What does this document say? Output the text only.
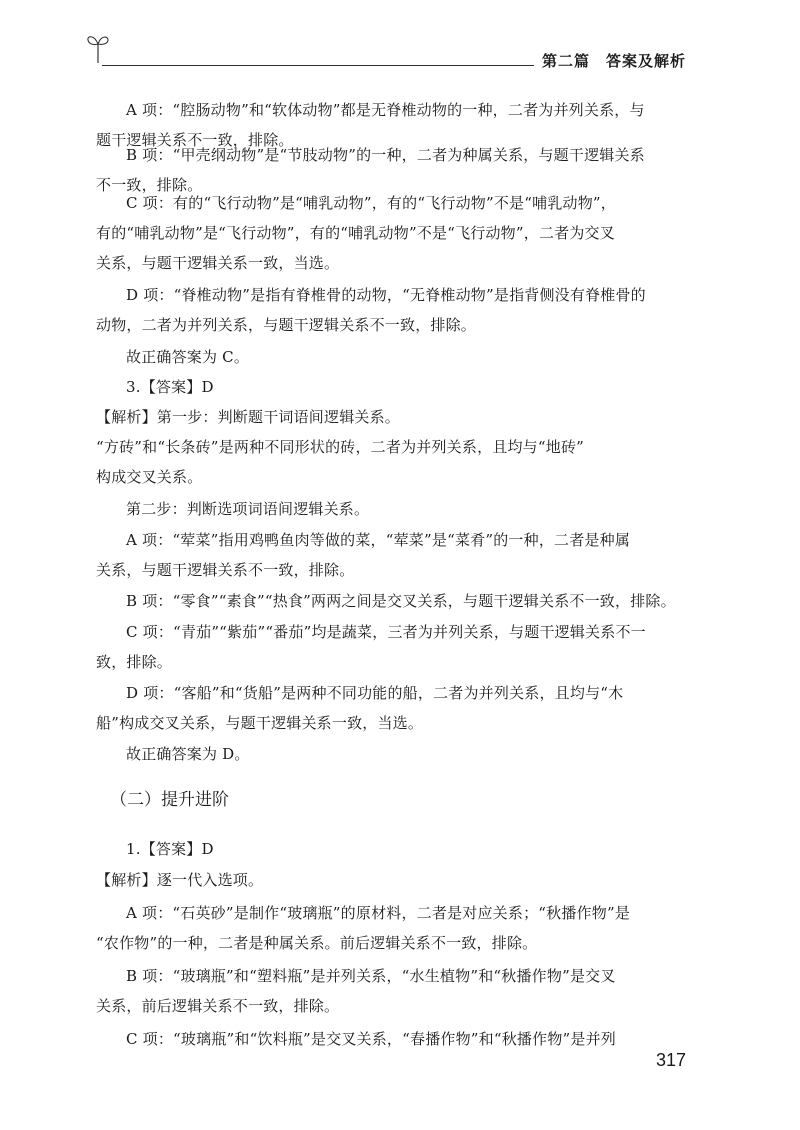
第二篇　答案及解析
A 项：“腔肠动物”和“软体动物”都是无脊椎动物的一种，二者为并列关系，与
题干逻辑关系不一致，排除。
B 项：“甲壳纲动物”是“节肢动物”的一种，二者为种属关系，与题干逻辑关系
不一致，排除。
C 项：有的“飞行动物”是“哺乳动物”，有的“飞行动物”不是“哺乳动物”，
有的“哺乳动物”是“飞行动物”，有的“哺乳动物”不是“飞行动物”，二者为交叉
关系，与题干逻辑关系一致，当选。
D 项：“脊椎动物”是指有脊椎骨的动物，“无脊椎动物”是指背侧没有脊椎骨的
动物，二者为并列关系，与题干逻辑关系不一致，排除。
故正确答案为 C。
3.【答案】D
【解析】第一步：判断题干词语间逻辑关系。
“方砖”和“长条砖”是两种不同形状的砖，二者为并列关系，且均与“地砖”
构成交叉关系。
第二步：判断选项词语间逻辑关系。
A 项：“荤菜”指用鸡鸭鱼肉等做的菜，“荤菜”是“菜肴”的一种，二者是种属
关系，与题干逻辑关系不一致，排除。
B 项：“零食”“素食”“热食”两两之间是交叉关系，与题干逻辑关系不一致，排除。
C 项：“青茄”“紫茄”“番茄”均是蔬菜，三者为并列关系，与题干逻辑关系不一
致，排除。
D 项：“客船”和“货船”是两种不同功能的船，二者为并列关系，且均与“木
船”构成交叉关系，与题干逻辑关系一致，当选。
故正确答案为 D。
（二）提升进阶
1.【答案】D
【解析】逐一代入选项。
A 项：“石英砂”是制作“玻璃瓶”的原材料，二者是对应关系；“秋播作物”是
“农作物”的一种，二者是种属关系。前后逻辑关系不一致，排除。
B 项：“玻璃瓶”和“塑料瓶”是并列关系，“水生植物”和“秋播作物”是交叉
关系，前后逻辑关系不一致，排除。
C 项：“玻璃瓶”和“饮料瓶”是交叉关系，“春播作物”和“秋播作物”是并列
317
